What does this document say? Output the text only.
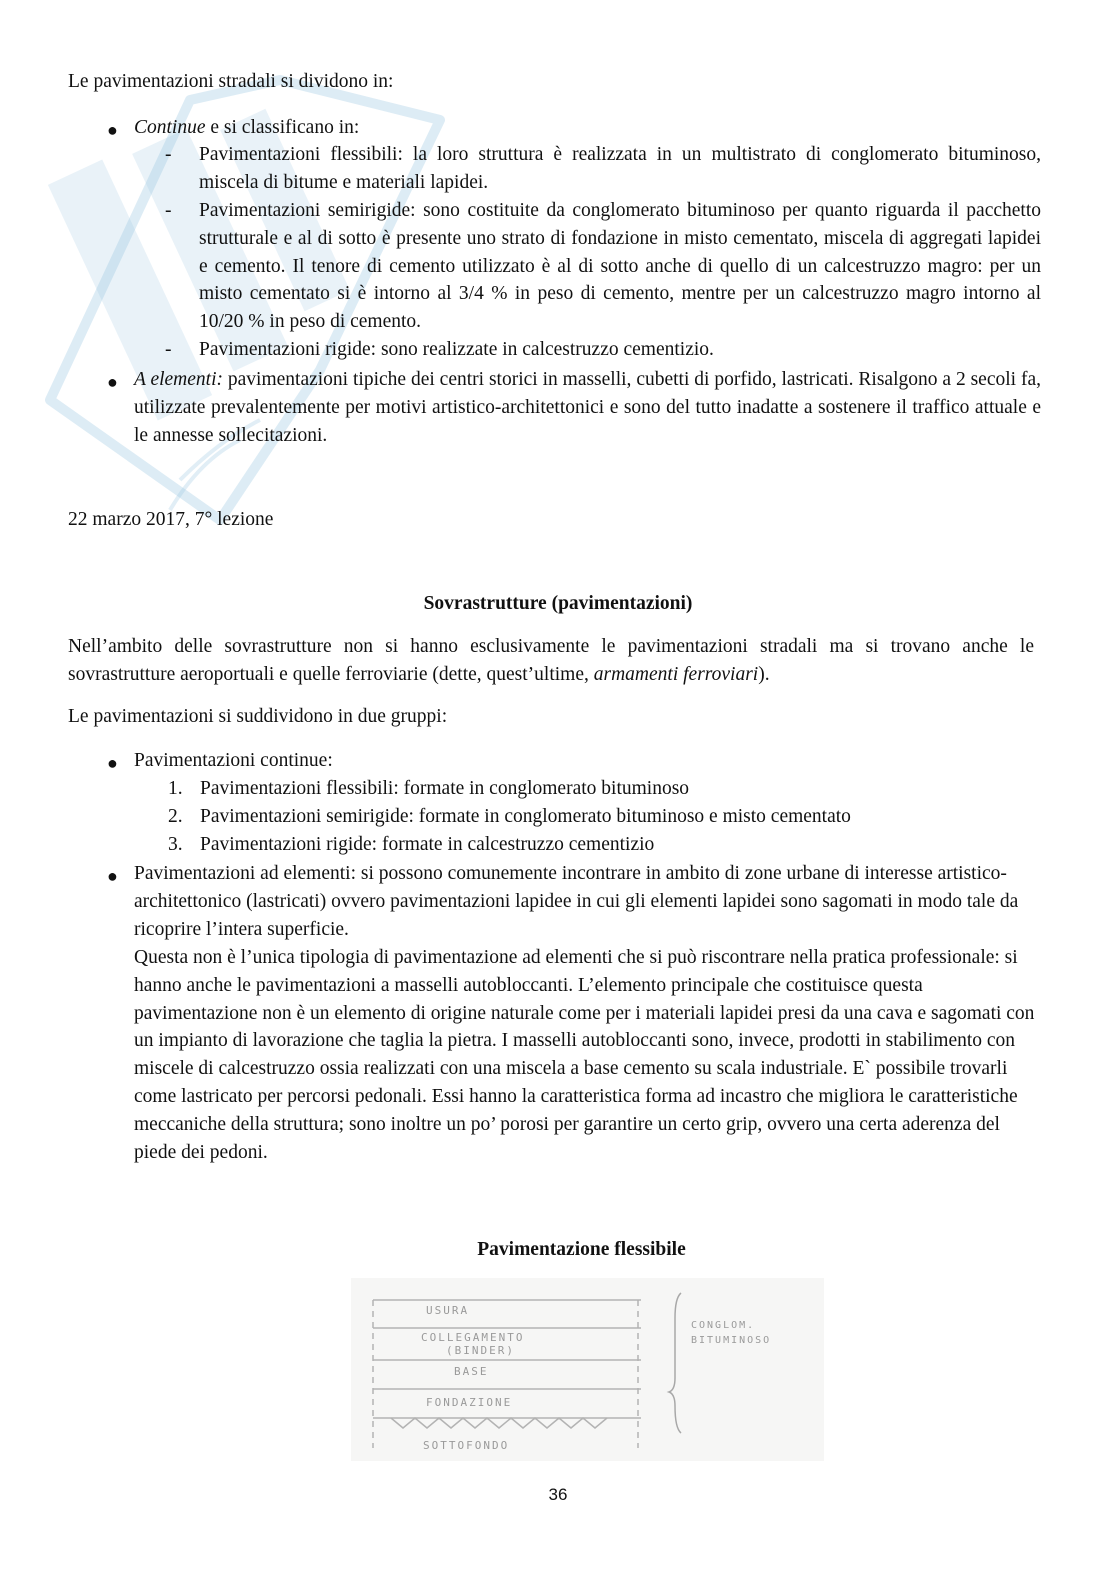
Le pavimentazioni stradali si dividono in:

● Continue e si classificano in:

- Pavimentazioni flessibili: la loro struttura è realizzata in un multistrato di conglomerato bituminoso, miscela di bitume e materiali lapidei.

- Pavimentazioni semirigide: sono costituite da conglomerato bituminoso per quanto riguarda il pacchetto strutturale e al di sotto è presente uno strato di fondazione in misto cementato, miscela di aggregati lapidei e cemento. Il tenore di cemento utilizzato è al di sotto anche di quello di un calcestruzzo magro: per un misto cementato si è intorno al 3/4 % in peso di cemento, mentre per un calcestruzzo magro intorno al 10/20 % in peso di cemento.

- Pavimentazioni rigide: sono realizzate in calcestruzzo cementizio.

● A elementi: pavimentazioni tipiche dei centri storici in masselli, cubetti di porfido, lastricati. Risalgono a 2 secoli fa, utilizzate prevalentemente per motivi artistico-architettonici e sono del tutto inadatte a sostenere il traffico attuale e le annesse sollecitazioni.

22 marzo 2017, 7° lezione

Sovrastrutture (pavimentazioni)

Nell’ambito delle sovrastrutture non si hanno esclusivamente le pavimentazioni stradali ma si trovano anche le sovrastrutture aeroportuali e quelle ferroviarie (dette, quest’ultime, armamenti ferroviari).

Le pavimentazioni si suddividono in due gruppi:

● Pavimentazioni continue:

1. Pavimentazioni flessibili: formate in conglomerato bituminoso

2. Pavimentazioni semirigide: formate in conglomerato bituminoso e misto cementato

3. Pavimentazioni rigide: formate in calcestruzzo cementizio

● Pavimentazioni ad elementi: si possono comunemente incontrare in ambito di zone urbane di interesse artistico-architettonico (lastricati) ovvero pavimentazioni lapidee in cui gli elementi lapidei sono sagomati in modo tale da ricoprire l’intera superficie.

Questa non è l’unica tipologia di pavimentazione ad elementi che si può riscontrare nella pratica professionale: si hanno anche le pavimentazioni a masselli autobloccanti. L’elemento principale che costituisce questa pavimentazione non è un elemento di origine naturale come per i materiali lapidei presi da una cava e sagomati con un impianto di lavorazione che taglia la pietra. I masselli autobloccanti sono, invece, prodotti in stabilimento con miscele di calcestruzzo ossia realizzati con una miscela a base cemento su scala industriale. E` possibile trovarli come lastricato per percorsi pedonali. Essi hanno la caratteristica forma ad incastro che migliora le caratteristiche meccaniche della struttura; sono inoltre un po’ porosi per garantire un certo grip, ovvero una certa aderenza del piede dei pedoni.

Pavimentazione flessibile

USURA
COLLEGAMENTO
(BINDER)
BASE
FONDAZIONE
SOTTOFONDO
CONGLOM.
BITUMINOSO
36
